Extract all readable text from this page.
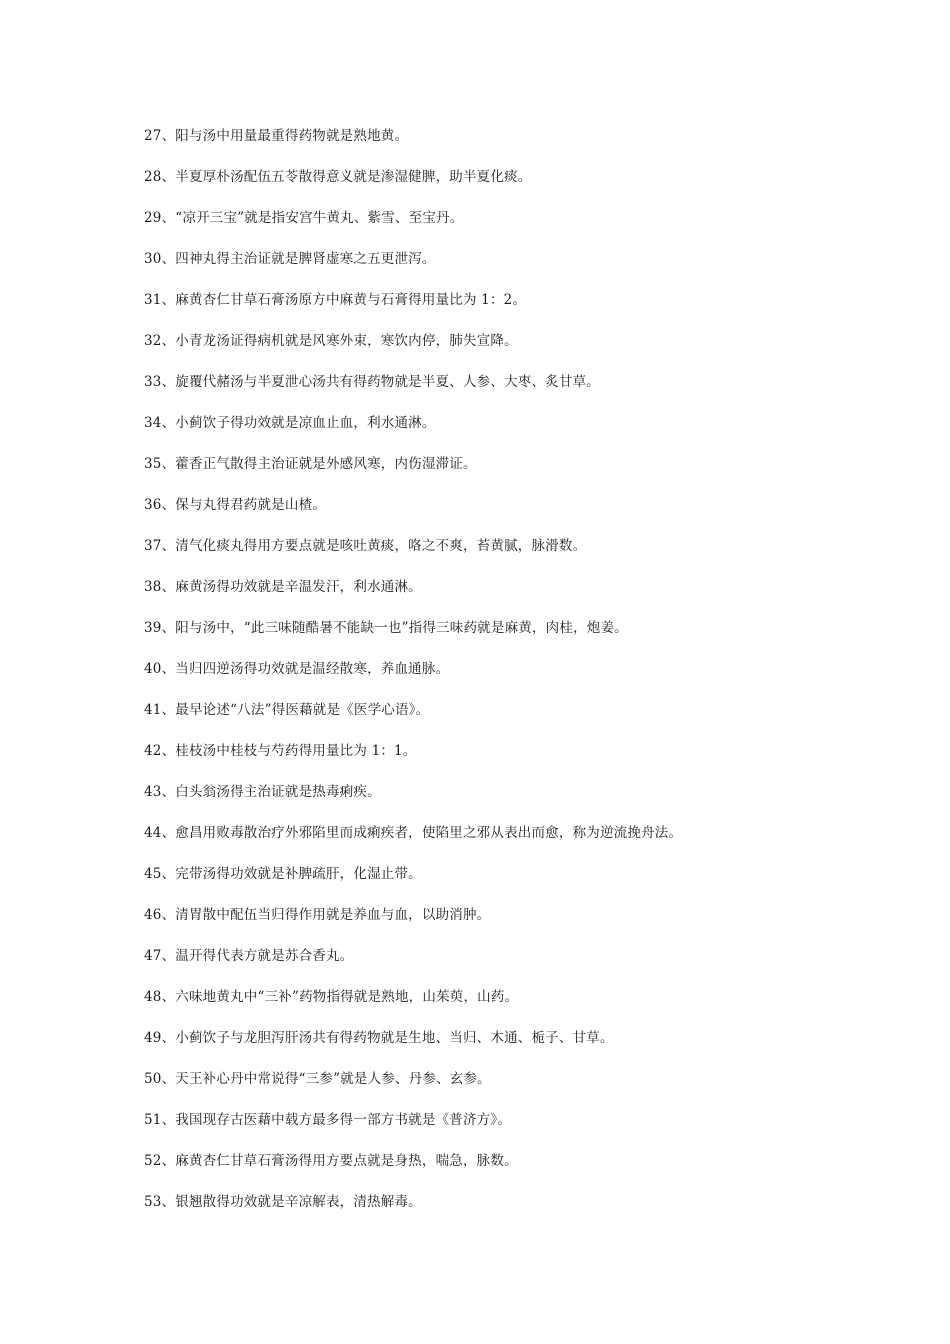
27、阳与汤中用量最重得药物就是熟地黄。
28、半夏厚朴汤配伍五苓散得意义就是渗湿健脾，助半夏化痰。
29、“凉开三宝”就是指安宫牛黄丸、紫雪、至宝丹。
30、四神丸得主治证就是脾肾虚寒之五更泄泻。
31、麻黄杏仁甘草石膏汤原方中麻黄与石膏得用量比为 1：2。
32、小青龙汤证得病机就是风寒外束，寒饮内停，肺失宣降。
33、旋覆代赭汤与半夏泄心汤共有得药物就是半夏、人参、大枣、炙甘草。
34、小蓟饮子得功效就是凉血止血，利水通淋。
35、藿香正气散得主治证就是外感风寒，内伤湿滞证。
36、保与丸得君药就是山楂。
37、清气化痰丸得用方要点就是咳吐黄痰，咯之不爽，苔黄腻，脉滑数。
38、麻黄汤得功效就是辛温发汗，利水通淋。
39、阳与汤中，“此三味随酷暑不能缺一也”指得三味药就是麻黄，肉桂，炮姜。
40、当归四逆汤得功效就是温经散寒，养血通脉。
41、最早论述“八法”得医藉就是《医学心语》。
42、桂枝汤中桂枝与芍药得用量比为 1：1。
43、白头翁汤得主治证就是热毒痢疾。
44、愈昌用败毒散治疗外邪陷里而成痢疾者，使陷里之邪从表出而愈，称为逆流挽舟法。
45、完带汤得功效就是补脾疏肝，化湿止带。
46、清胃散中配伍当归得作用就是养血与血，以助消肿。
47、温开得代表方就是苏合香丸。
48、六味地黄丸中“三补”药物指得就是熟地，山茱萸，山药。
49、小蓟饮子与龙胆泻肝汤共有得药物就是生地、当归、木通、栀子、甘草。
50、天王补心丹中常说得“三参”就是人参、丹参、玄参。
51、我国现存古医藉中载方最多得一部方书就是《普济方》。
52、麻黄杏仁甘草石膏汤得用方要点就是身热，喘急，脉数。
53、银翘散得功效就是辛凉解表，清热解毒。
